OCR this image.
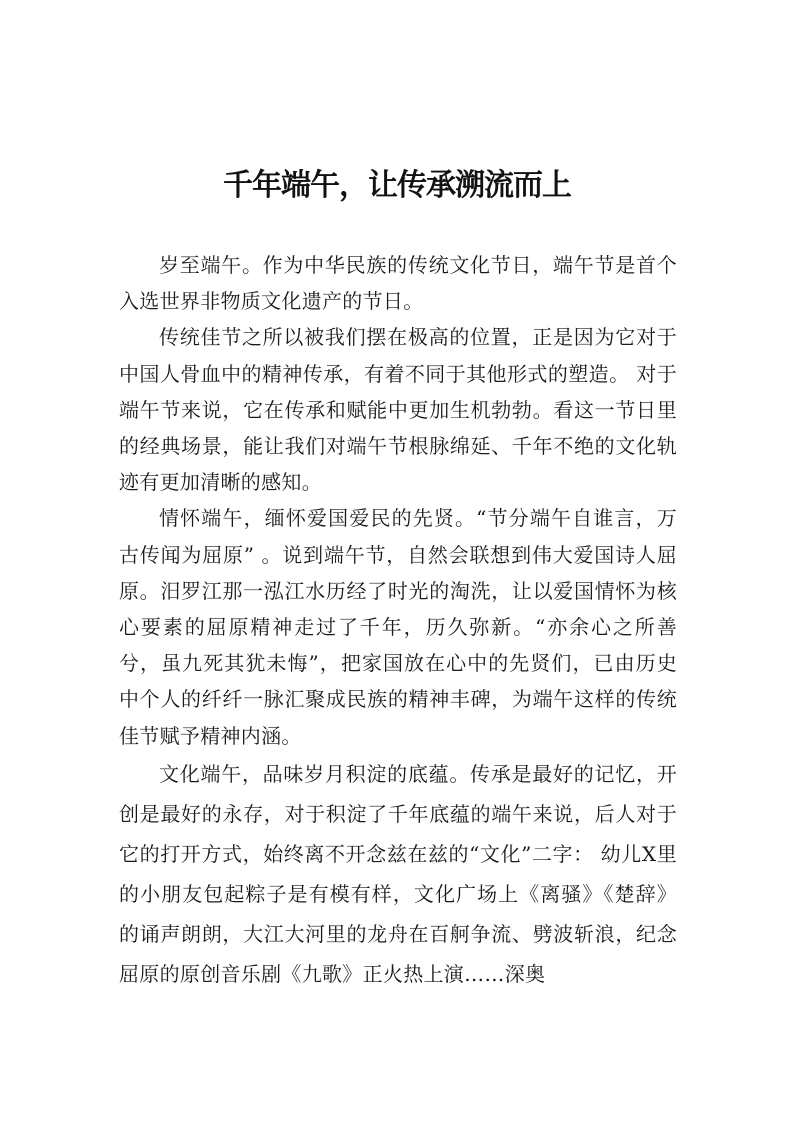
千年端午，让传承溯流而上

岁至端午。作为中华民族的传统文化节日，端午节是首个入选世界非物质文化遗产的节日。

传统佳节之所以被我们摆在极高的位置，正是因为它对于中国人骨血中的精神传承，有着不同于其他形式的塑造。 对于端午节来说，它在传承和赋能中更加生机勃勃。看这一节日里的经典场景，能让我们对端午节根脉绵延、千年不绝的文化轨迹有更加清晰的感知。

情怀端午，缅怀爱国爱民的先贤。“节分端午自谁言，万古传闻为屈原” 。说到端午节，自然会联想到伟大爱国诗人屈原。汨罗江那一泓江水历经了时光的淘洗，让以爱国情怀为核心要素的屈原精神走过了千年，历久弥新。“亦余心之所善兮，虽九死其犹未悔”，把家国放在心中的先贤们，已由历史中个人的纤纤一脉汇聚成民族的精神丰碑，为端午这样的传统佳节赋予精神内涵。

文化端午，品味岁月积淀的底蕴。传承是最好的记忆，开创是最好的永存，对于积淀了千年底蕴的端午来说，后人对于它的打开方式，始终离不开念兹在兹的“文化”二字： 幼儿X里的小朋友包起粽子是有模有样，文化广场上《离骚》《楚辞》的诵声朗朗，大江大河里的龙舟在百舸争流、劈波斩浪，纪念屈原的原创音乐剧《九歌》正火热上演……深奥
